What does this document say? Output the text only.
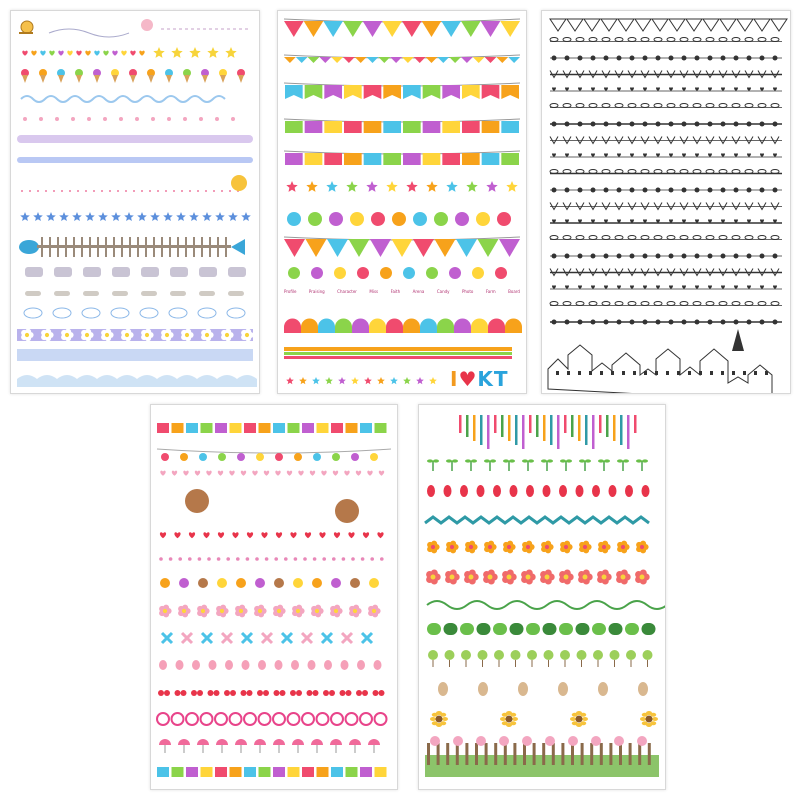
Profile	Praising	Character	Miss	Faith	Arena	Candy	Photo	Farm	Board
I♥KT
